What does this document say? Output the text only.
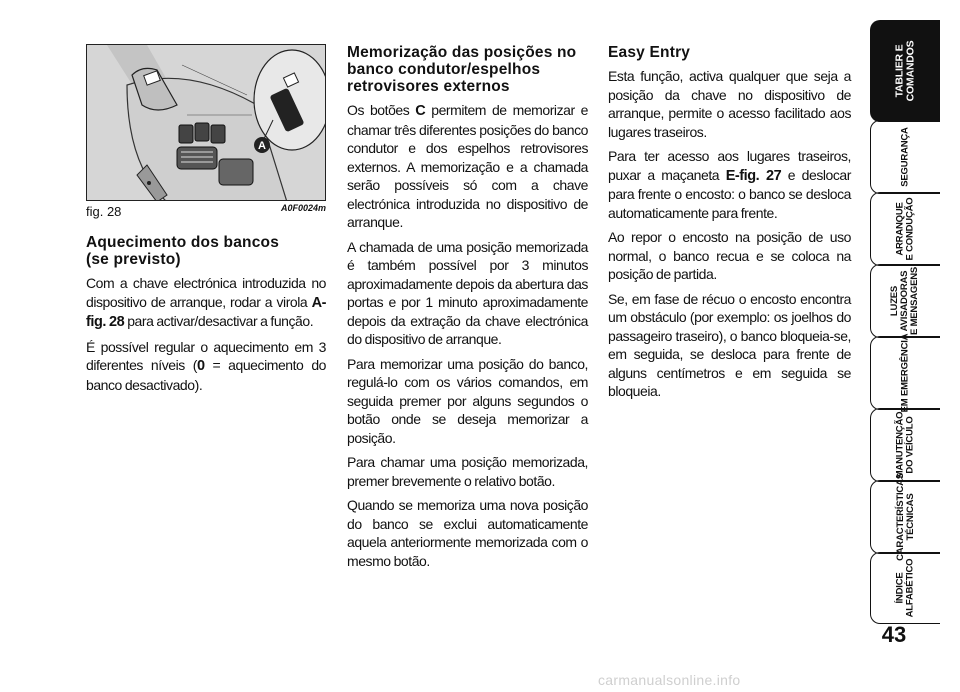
A
fig. 28	A0F0024m
Aquecimento dos bancos
(se previsto)

Com a chave electrónica introduzida no dispositivo de arranque, rodar a virola A-fig. 28 para activar/desactivar a função.

É possível regular o aquecimento em 3 diferentes níveis (0 = aquecimento do banco desactivado).

Memorização das posições no banco condutor/espelhos retrovisores externos

Os botões C permitem de memorizar e chamar três diferentes posições do banco condutor e dos espelhos retrovisores externos. A memorização e a chamada serão possíveis só com a chave electrónica introduzida no dispositivo de arranque.

A chamada de uma posição memorizada é também possível por 3 minutos aproximadamente depois da abertura das portas e por 1 minuto aproximadamente depois da extração da chave electrónica do dispositivo de arranque.

Para memorizar uma posição do banco, regulá-lo com os vários comandos, em seguida premer por alguns segundos o botão onde se deseja memorizar a posição.

Para chamar uma posição memorizada, premer brevemente o relativo botão.

Quando se memoriza uma nova posição do banco se exclui automaticamente aquela anteriormente memorizada com o mesmo botão.

Easy Entry

Esta função, activa qualquer que seja a posição da chave no dispositivo de arranque, permite o acesso facilitado aos lugares traseiros.

Para ter acesso aos lugares traseiros, puxar a maçaneta E-fig. 27 e deslocar para frente o encosto: o banco se desloca automaticamente para frente.

Ao repor o encosto na posição de uso normal, o banco recua e se coloca na posição de partida.

Se, em fase de récuo o encosto encontra um obstáculo (por exemplo: os joelhos do passageiro traseiro), o banco bloqueia-se, em seguida, se desloca para frente de alguns centímetros e em seguida se bloqueia.

TABLIER E
COMANDOS
SEGURANÇA
ARRANQUE
E CONDUÇÃO
LUZES
AVISADORAS
E MENSAGENS
EM EMERGÊNCIA
MANUTENÇÃO
DO VEÍCULO
CARACTERÍSTICAS
TÉCNICAS
ÍNDICE
ALFABÉTICO
43
carmanualsonline.info
